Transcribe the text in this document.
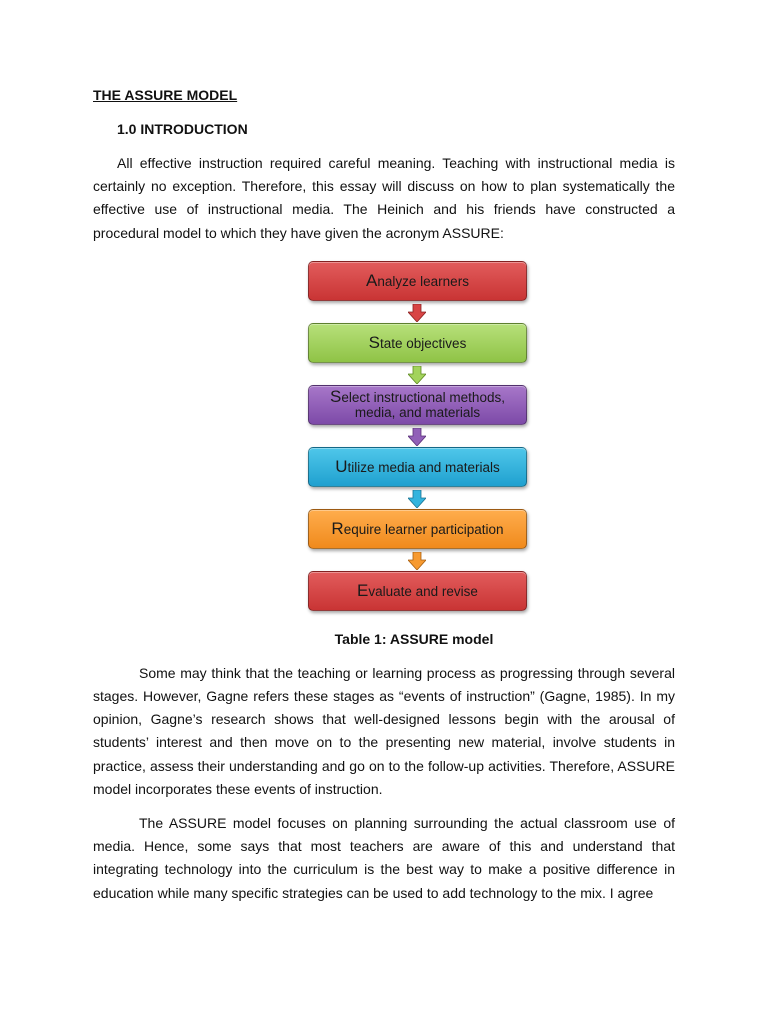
THE ASSURE MODEL
1.0 INTRODUCTION

All effective instruction required careful meaning. Teaching with instructional media is certainly no exception. Therefore, this essay will discuss on how to plan systematically the effective use of instructional media. The Heinich and his friends have constructed a procedural model to which they have given the acronym ASSURE:

Analyze learners
State objectives
Select instructional methods, media, and materials
Utilize media and materials
Require learner participation
Evaluate and revise
Table 1: ASSURE model

Some may think that the teaching or learning process as progressing through several stages. However, Gagne refers these stages as “events of instruction” (Gagne, 1985). In my opinion, Gagne’s research shows that well-designed lessons begin with the arousal of students’ interest and then move on to the presenting new material, involve students in practice, assess their understanding and go on to the follow-up activities. Therefore, ASSURE model incorporates these events of instruction.

The ASSURE model focuses on planning surrounding the actual classroom use of media. Hence, some says that most teachers are aware of this and understand that integrating technology into the curriculum is the best way to make a positive difference in education while many specific strategies can be used to add technology to the mix. I agree
